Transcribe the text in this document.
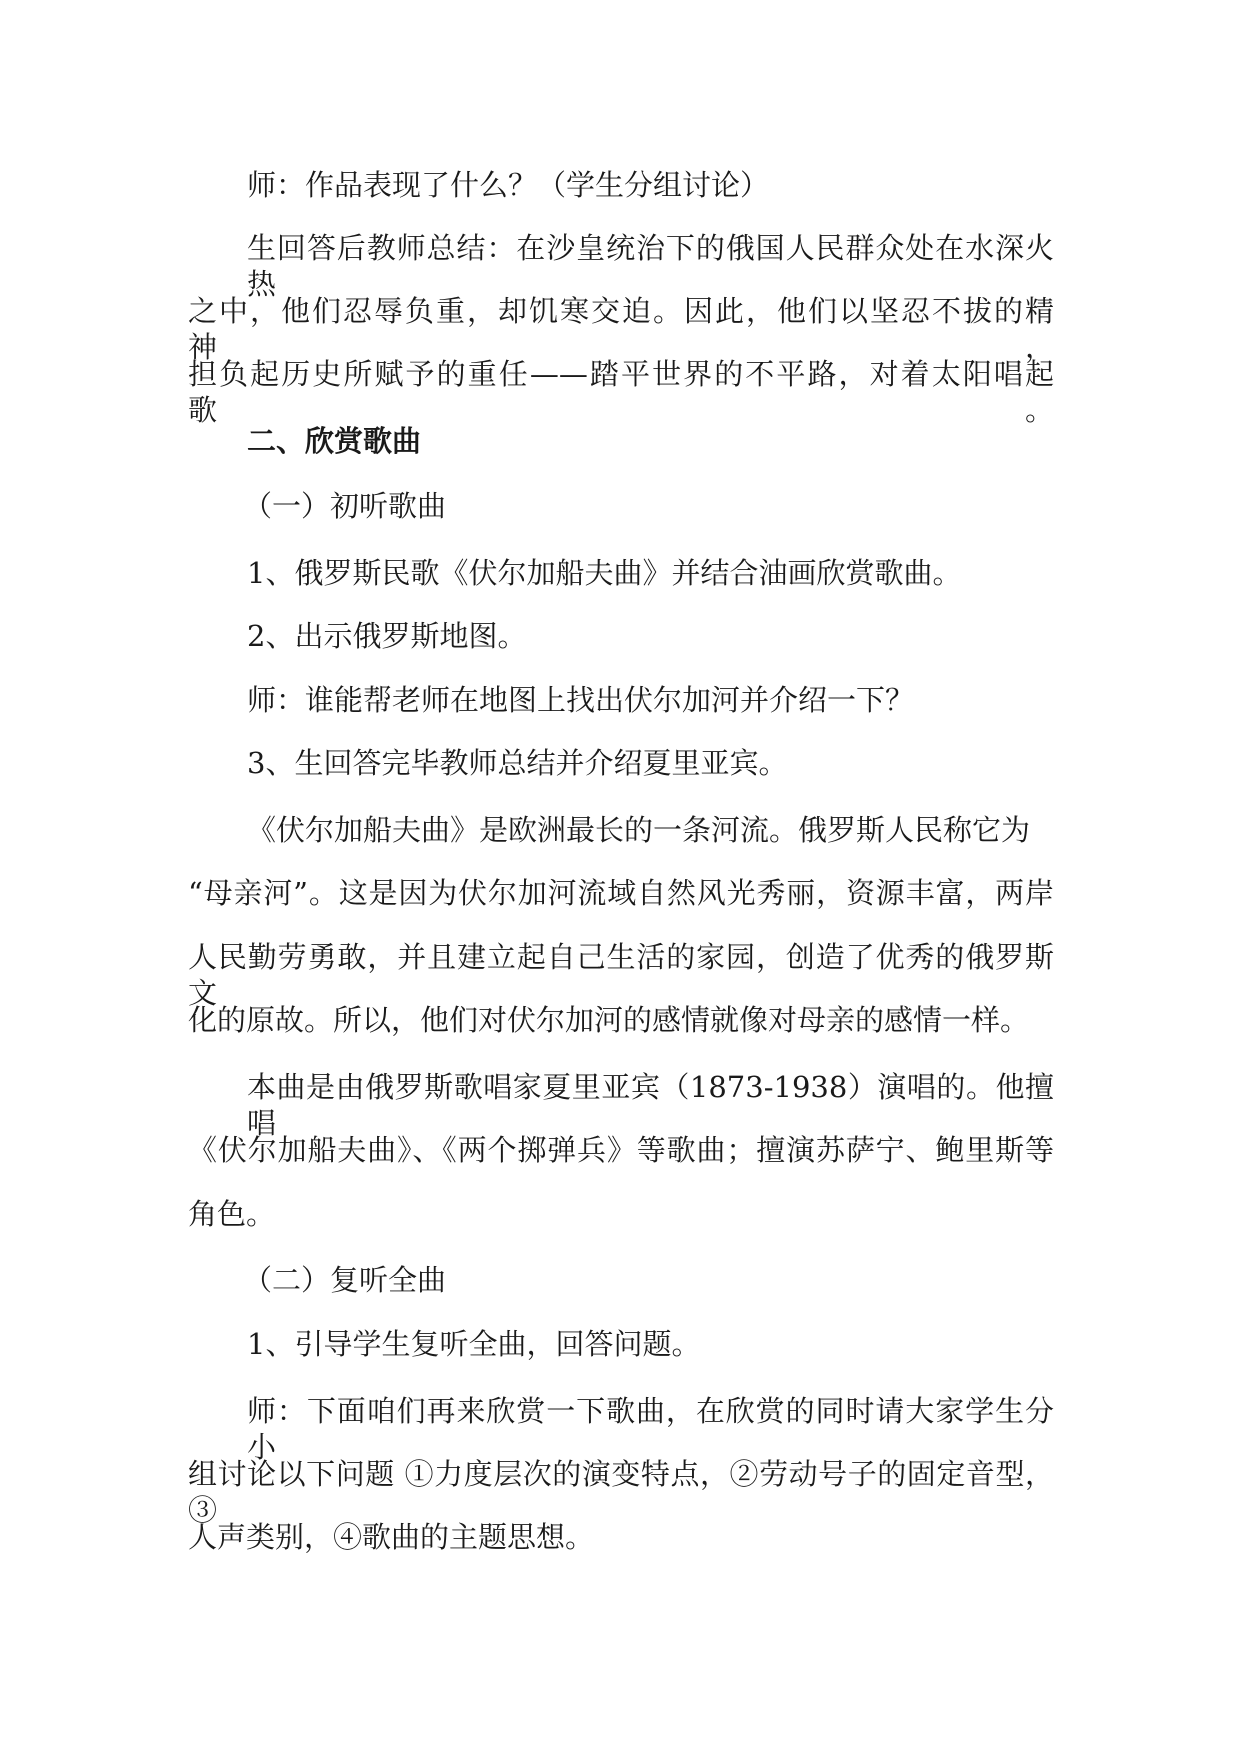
师：作品表现了什么？（学生分组讨论）
生回答后教师总结：在沙皇统治下的俄国人民群众处在水深火热
之中，他们忍辱负重，却饥寒交迫。因此，他们以坚忍不拔的精神，
担负起历史所赋予的重任——踏平世界的不平路，对着太阳唱起歌。
二、欣赏歌曲
（一）初听歌曲
1、俄罗斯民歌《伏尔加船夫曲》并结合油画欣赏歌曲。
2、出示俄罗斯地图。
师：谁能帮老师在地图上找出伏尔加河并介绍一下？
3、生回答完毕教师总结并介绍夏里亚宾。
《伏尔加船夫曲》是欧洲最长的一条河流。俄罗斯人民称它为
“母亲河”。这是因为伏尔加河流域自然风光秀丽，资源丰富，两岸
人民勤劳勇敢，并且建立起自己生活的家园，创造了优秀的俄罗斯文
化的原故。所以，他们对伏尔加河的感情就像对母亲的感情一样。
本曲是由俄罗斯歌唱家夏里亚宾（1873-1938）演唱的。他擅唱
《伏尔加船夫曲》、《两个掷弹兵》等歌曲；擅演苏萨宁、鲍里斯等
角色。
（二）复听全曲
1、引导学生复听全曲，回答问题。
师：下面咱们再来欣赏一下歌曲，在欣赏的同时请大家学生分小
组讨论以下问题 ①力度层次的演变特点，②劳动号子的固定音型，③
人声类别，④歌曲的主题思想。
